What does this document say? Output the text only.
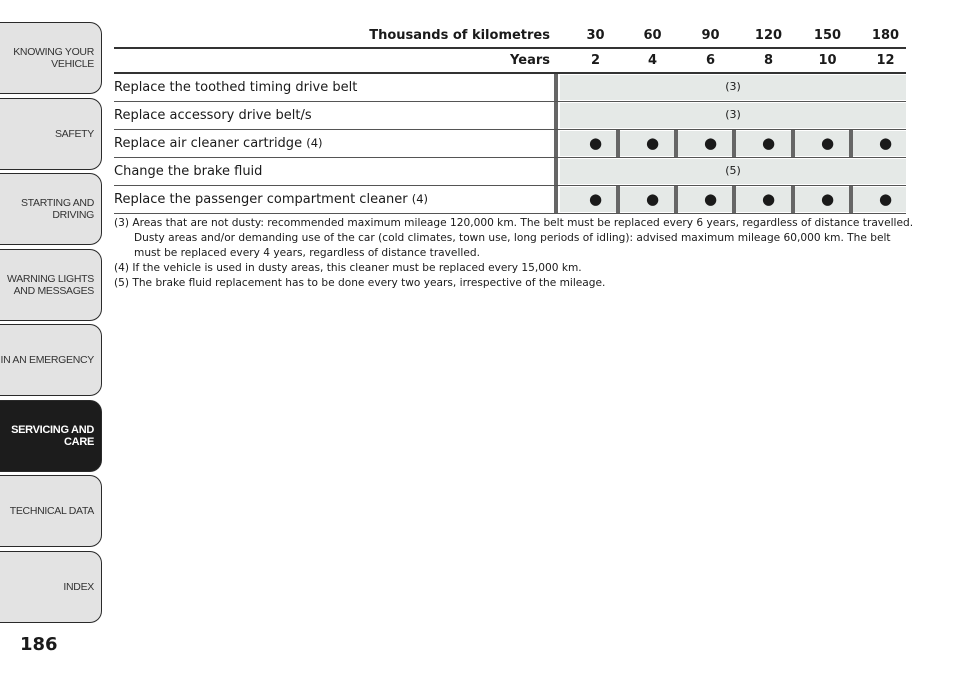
KNOWING YOUR
VEHICLE
SAFETY
STARTING AND
DRIVING
WARNING LIGHTS
AND MESSAGES
IN AN EMERGENCY
SERVICING AND
CARE
TECHNICAL DATA
INDEX
186
Thousands of kilometres	30	60	90	120	150	180
Years	2	4	6	8	10	12
Replace the toothed timing drive belt	(3)
Replace accessory drive belt/s	(3)
Replace air cleaner cartridge (4)	●	●	●	●	●	●
Change the brake fluid	(5)
Replace the passenger compartment cleaner (4)	●	●	●	●	●	●

(3) Areas that are not dusty: recommended maximum mileage 120,000 km. The belt must be replaced every 6 years, regardless of distance travelled. Dusty areas and/or demanding use of the car (cold climates, town use, long periods of idling): advised maximum mileage 60,000 km. The belt must be replaced every 4 years, regardless of distance travelled.

(4) If the vehicle is used in dusty areas, this cleaner must be replaced every 15,000 km.

(5) The brake fluid replacement has to be done every two years, irrespective of the mileage.
